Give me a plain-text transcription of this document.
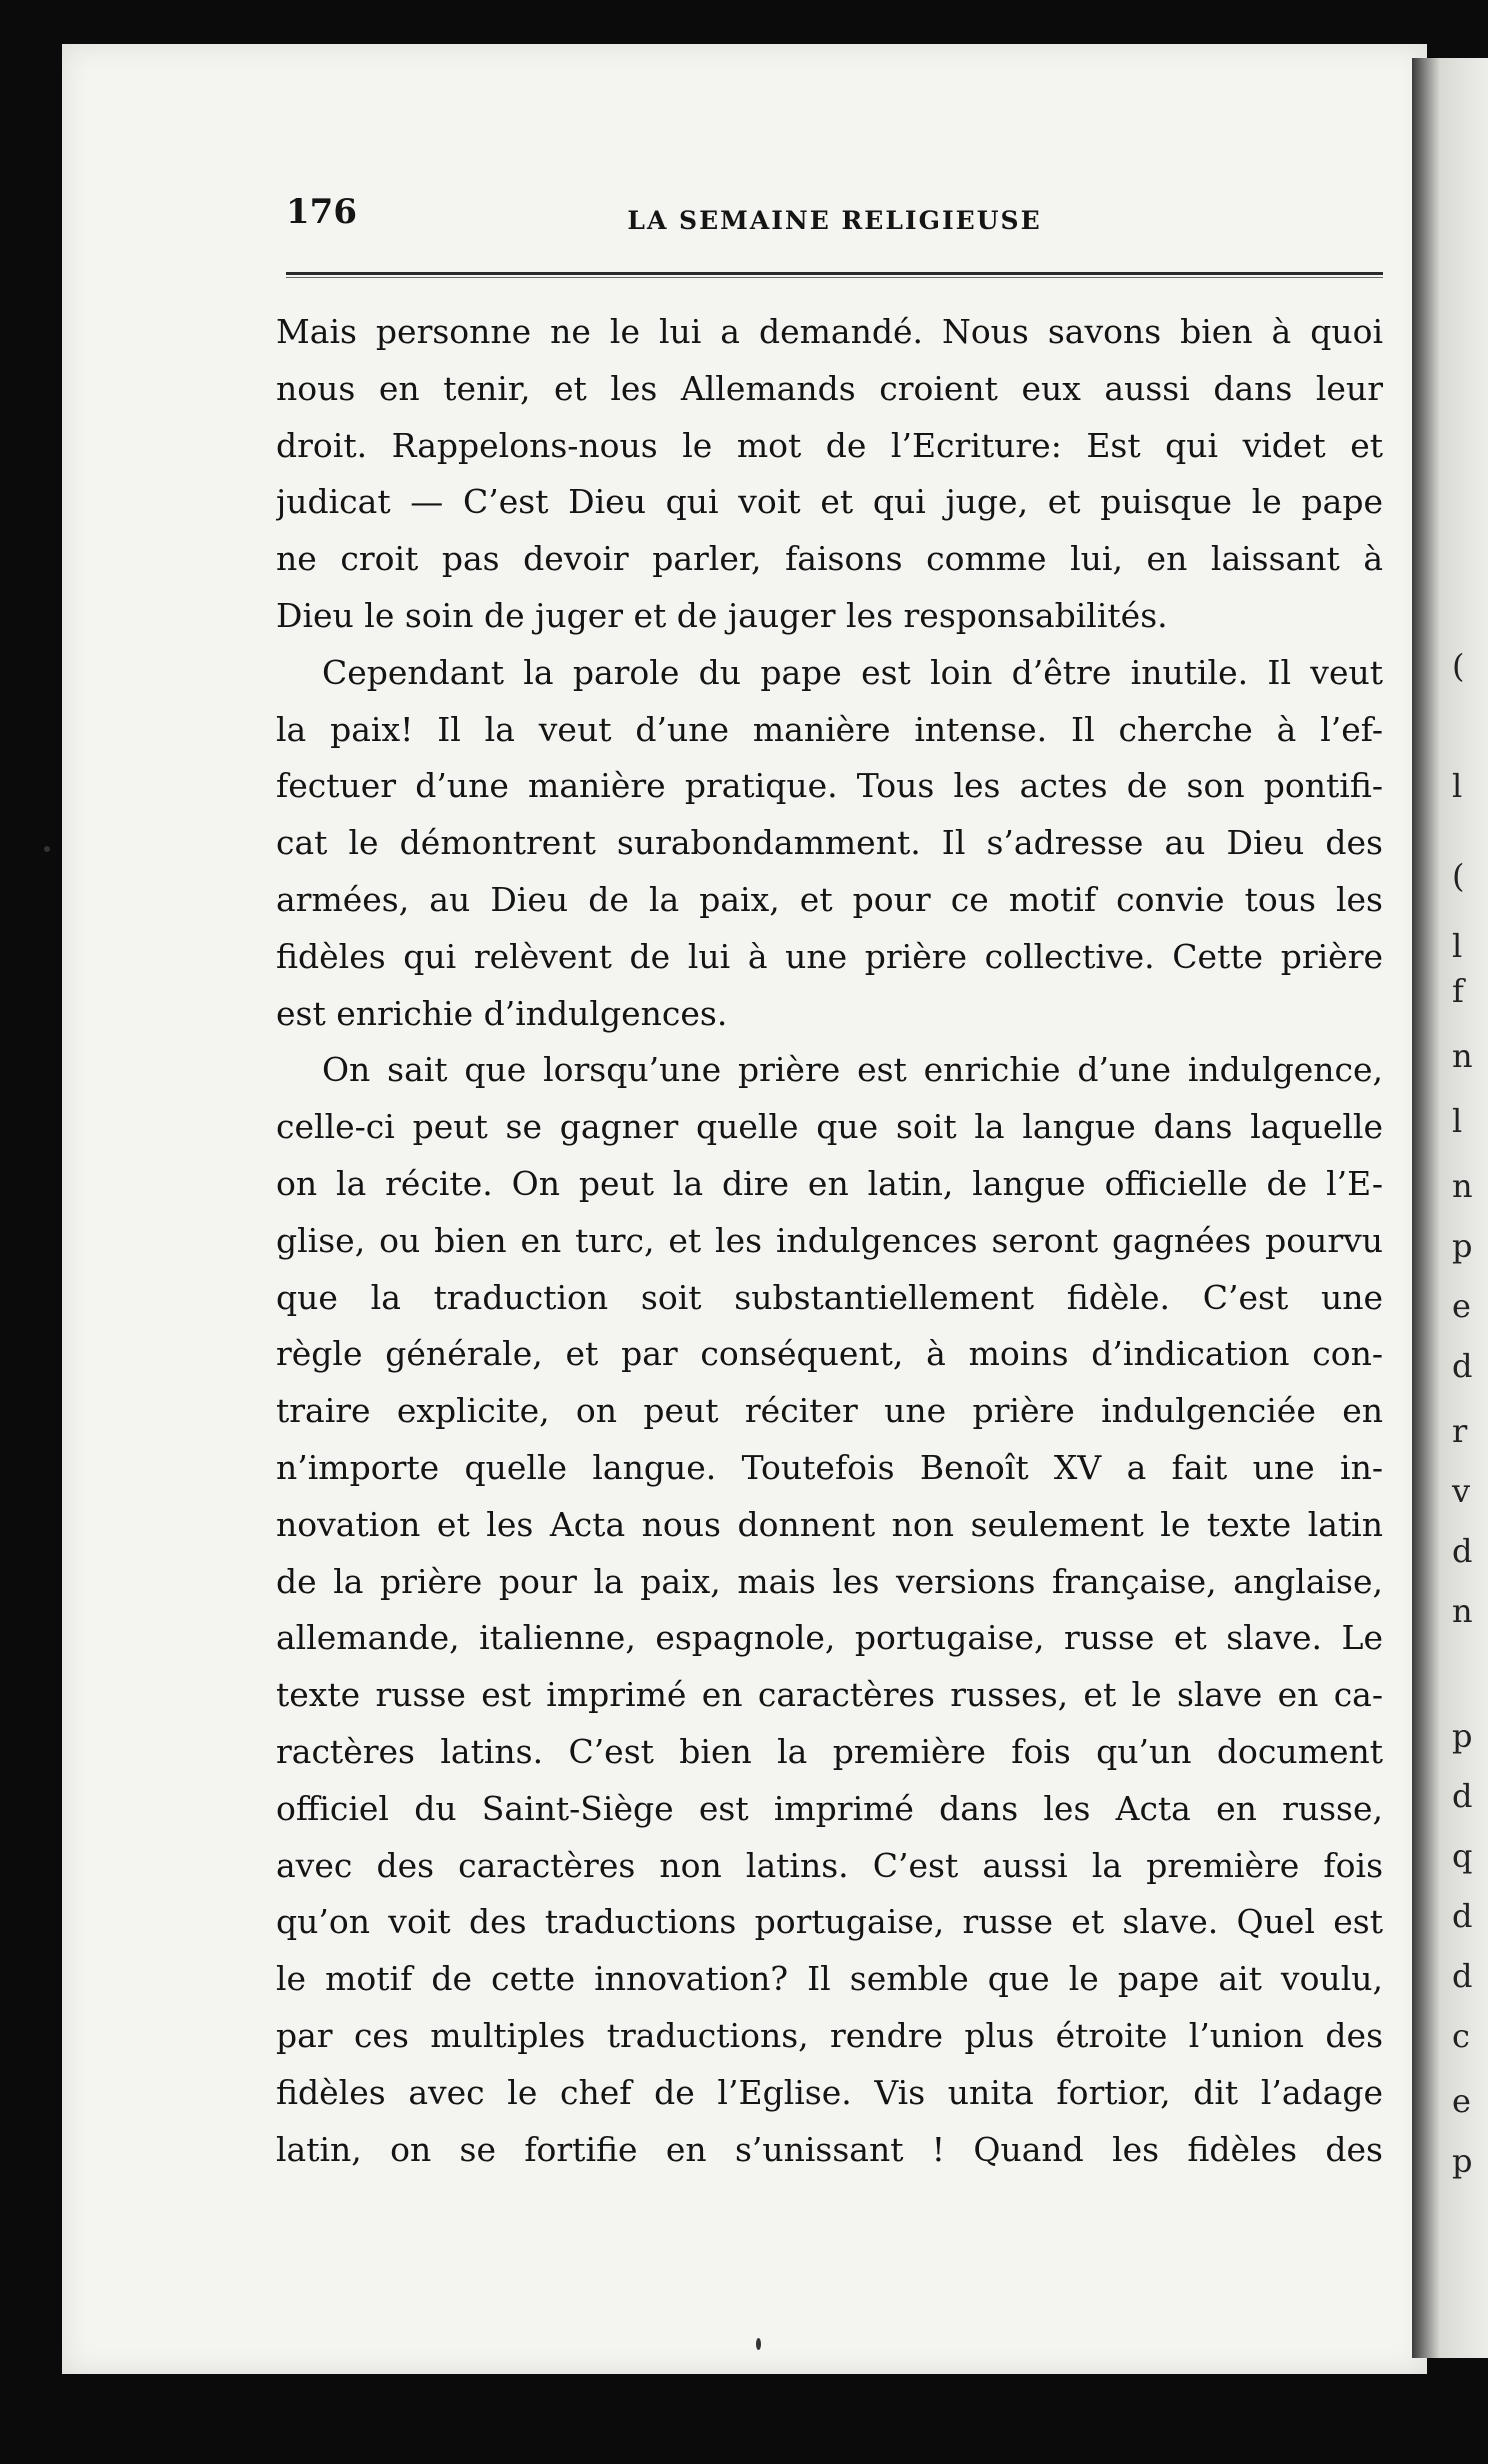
(
l
(
l
f
n
l
n
p
e
d
r
v
d
n
p
d
q
d
d
c
e
p
176	LA SEMAINE RELIGIEUSE
Mais personne ne le lui a demandé. Nous savons bien à quoi
nous en tenir, et les Allemands croient eux aussi dans leur
droit. Rappelons-nous le mot de l’Ecriture: Est qui videt et
judicat — C’est Dieu qui voit et qui juge, et puisque le pape
ne croit pas devoir parler, faisons comme lui, en laissant à
Dieu le soin de juger et de jauger les responsabilités.
Cependant la parole du pape est loin d’être inutile. Il veut
la paix! Il la veut d’une manière intense. Il cherche à l’ef-
fectuer d’une manière pratique. Tous les actes de son pontifi-
cat le démontrent surabondamment. Il s’adresse au Dieu des
armées, au Dieu de la paix, et pour ce motif convie tous les
fidèles qui relèvent de lui à une prière collective. Cette prière
est enrichie d’indulgences.
On sait que lorsqu’une prière est enrichie d’une indulgence,
celle-ci peut se gagner quelle que soit la langue dans laquelle
on la récite. On peut la dire en latin, langue officielle de l’E-
glise, ou bien en turc, et les indulgences seront gagnées pourvu
que la traduction soit substantiellement fidèle. C’est une
règle générale, et par conséquent, à moins d’indication con-
traire explicite, on peut réciter une prière indulgenciée en
n’importe quelle langue. Toutefois Benoît XV a fait une in-
novation et les Acta nous donnent non seulement le texte latin
de la prière pour la paix, mais les versions française, anglaise,
allemande, italienne, espagnole, portugaise, russe et slave. Le
texte russe est imprimé en caractères russes, et le slave en ca-
ractères latins. C’est bien la première fois qu’un document
officiel du Saint-Siège est imprimé dans les Acta en russe,
avec des caractères non latins. C’est aussi la première fois
qu’on voit des traductions portugaise, russe et slave. Quel est
le motif de cette innovation? Il semble que le pape ait voulu,
par ces multiples traductions, rendre plus étroite l’union des
fidèles avec le chef de l’Eglise. Vis unita fortior, dit l’adage
latin, on se fortifie en s’unissant ! Quand les fidèles des
